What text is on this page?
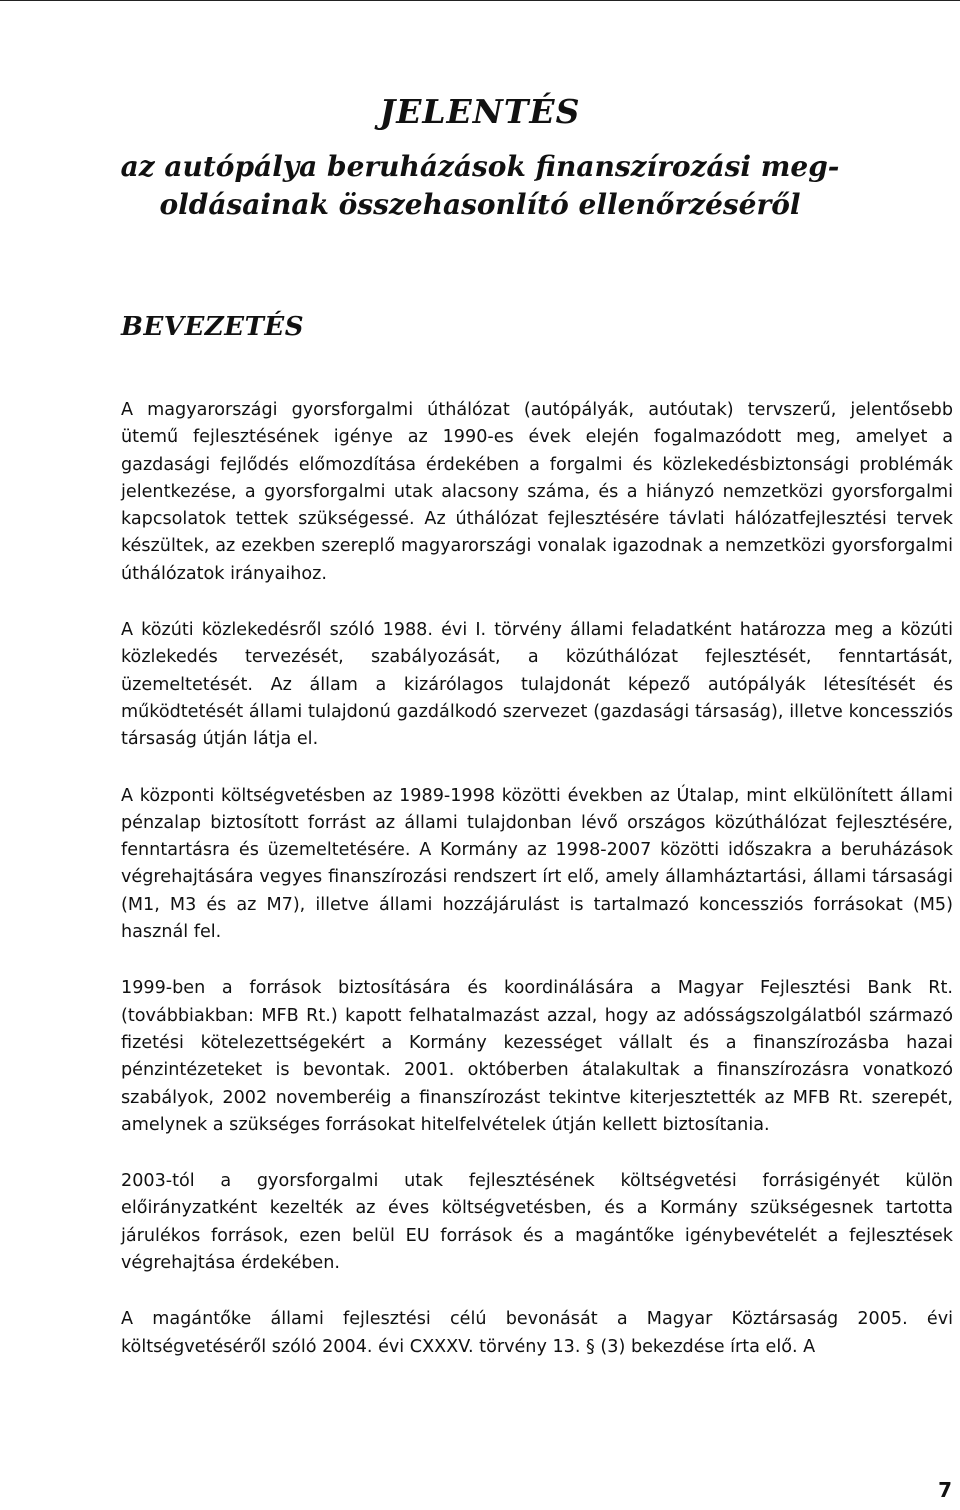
JELENTÉS

az autópálya beruházások finanszírozási meg-
oldásainak összehasonlító ellenőrzéséről

BEVEZETÉS

A magyarországi gyorsforgalmi úthálózat (autópályák, autóutak) tervszerű, jelentősebb ütemű fejlesztésének igénye az 1990-es évek elején fogalmazódott meg, amelyet a gazdasági fejlődés előmozdítása érdekében a forgalmi és közlekedésbiztonsági problémák jelentkezése, a gyorsforgalmi utak alacsony száma, és a hiányzó nemzetközi gyorsforgalmi kapcsolatok tettek szükségessé. Az úthálózat fejlesztésére távlati hálózatfejlesztési tervek készültek, az ezekben szereplő magyarországi vonalak igazodnak a nemzetközi gyorsforgalmi úthálózatok irányaihoz.

A közúti közlekedésről szóló 1988. évi I. törvény állami feladatként határozza meg a közúti közlekedés tervezését, szabályozását, a közúthálózat fejlesztését, fenntartását, üzemeltetését. Az állam a kizárólagos tulajdonát képező autópályák létesítését és működtetését állami tulajdonú gazdálkodó szervezet (gazdasági társaság), illetve koncessziós társaság útján látja el.

A központi költségvetésben az 1989-1998 közötti években az Útalap, mint elkülönített állami pénzalap biztosított forrást az állami tulajdonban lévő országos közúthálózat fejlesztésére, fenntartásra és üzemeltetésére. A Kormány az 1998-2007 közötti időszakra a beruházások végrehajtására vegyes finanszírozási rendszert írt elő, amely államháztartási, állami társasági (M1, M3 és az M7), illetve állami hozzájárulást is tartalmazó koncessziós forrásokat (M5) használ fel.

1999-ben a források biztosítására és koordinálására a Magyar Fejlesztési Bank Rt. (továbbiakban: MFB Rt.) kapott felhatalmazást azzal, hogy az adósságszolgálatból származó fizetési kötelezettségekért a Kormány kezességet vállalt és a finanszírozásba hazai pénzintézeteket is bevontak. 2001. októberben átalakultak a finanszírozásra vonatkozó szabályok, 2002 novemberéig a finanszírozást tekintve kiterjesztették az MFB Rt. szerepét, amelynek a szükséges forrásokat hitelfelvételek útján kellett biztosítania.

2003-tól a gyorsforgalmi utak fejlesztésének költségvetési forrásigényét külön előirányzatként kezelték az éves költségvetésben, és a Kormány szükségesnek tartotta járulékos források, ezen belül EU források és a magántőke igénybevételét a fejlesztések végrehajtása érdekében.

A magántőke állami fejlesztési célú bevonását a Magyar Köztársaság 2005. évi költségvetéséről szóló 2004. évi CXXXV. törvény 13. § (3) bekezdése írta elő. A

7
